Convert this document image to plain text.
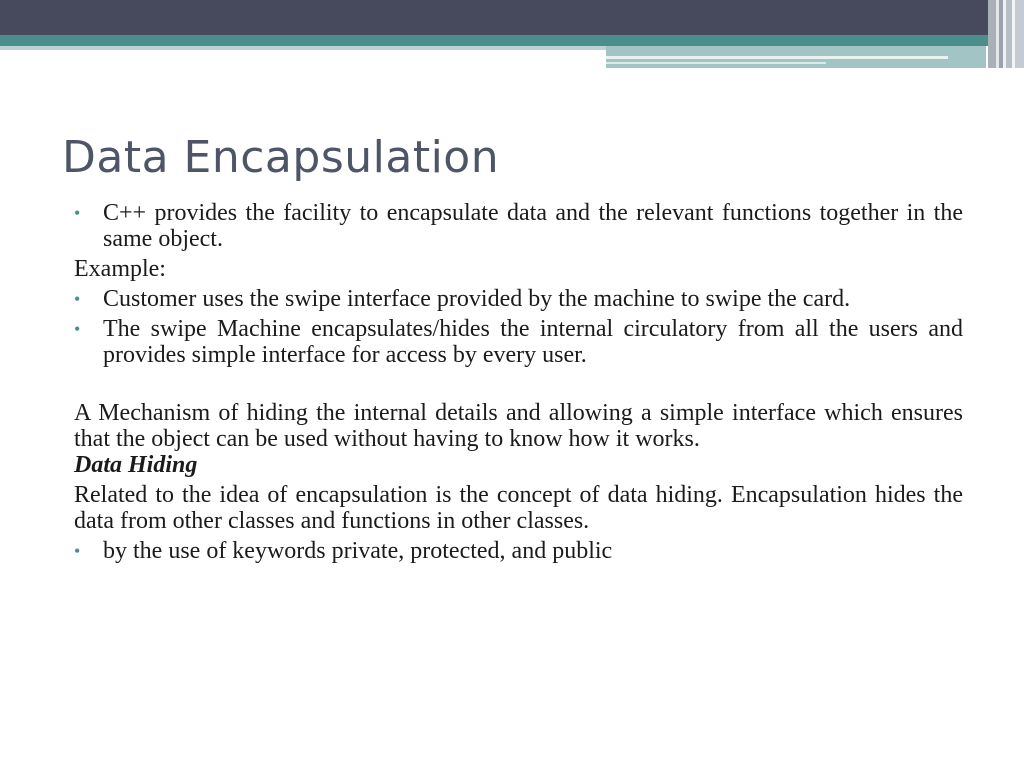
Data Encapsulation

• C++ provides the facility to encapsulate data and the relevant functions together in the same object.

Example:

• Customer uses the swipe interface provided by the machine to swipe the card.

• The swipe Machine encapsulates/hides the internal circulatory from all the users and provides simple interface for access by every user.

A Mechanism of hiding the internal details and allowing a simple interface which ensures that the object can be used without having to know how it works.

Data Hiding

Related to the idea of encapsulation is the concept of data hiding. Encapsulation hides the data from other classes and functions in other classes.

• by the use of keywords private, protected, and public
